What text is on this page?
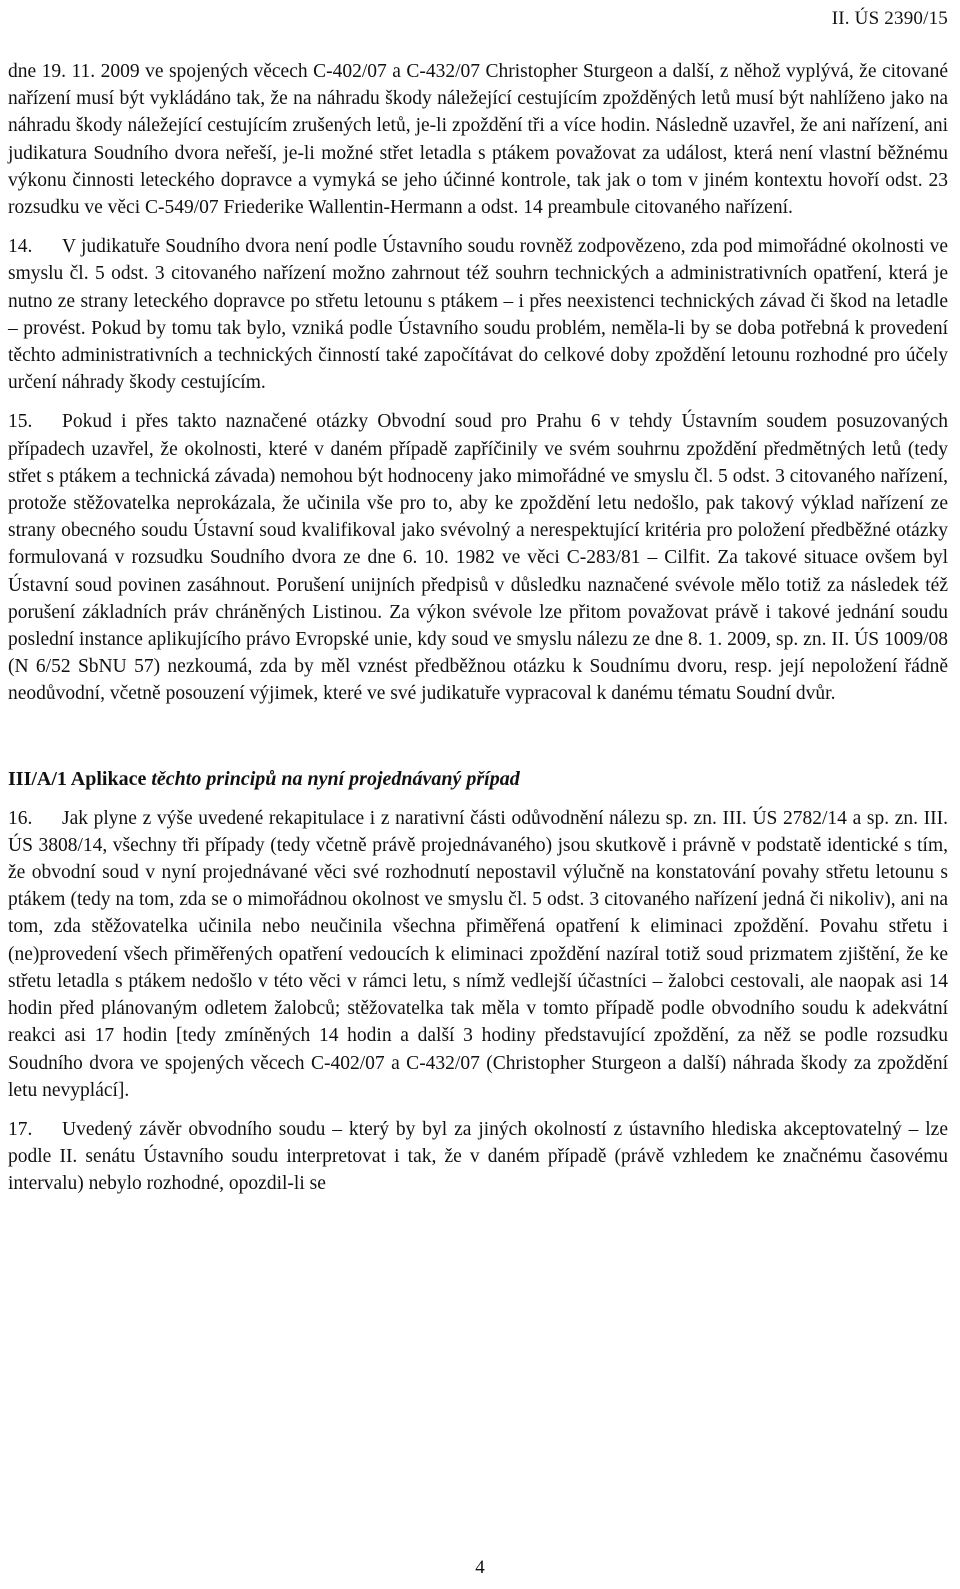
II. ÚS 2390/15

dne 19. 11. 2009 ve spojených věcech C-402/07 a C-432/07 Christopher Sturgeon a další, z něhož vyplývá, že citované nařízení musí být vykládáno tak, že na náhradu škody náležející cestujícím zpožděných letů musí být nahlíženo jako na náhradu škody náležející cestujícím zrušených letů, je-li zpoždění tři a více hodin. Následně uzavřel, že ani nařízení, ani judikatura Soudního dvora neřeší, je-li možné střet letadla s ptákem považovat za událost, která není vlastní běžnému výkonu činnosti leteckého dopravce a vymyká se jeho účinné kontrole, tak jak o tom v jiném kontextu hovoří odst. 23 rozsudku ve věci C-549/07 Friederike Wallentin-Hermann a odst. 14 preambule citovaného nařízení.

14. V judikatuře Soudního dvora není podle Ústavního soudu rovněž zodpovězeno, zda pod mimořádné okolnosti ve smyslu čl. 5 odst. 3 citovaného nařízení možno zahrnout též souhrn technických a administrativních opatření, která je nutno ze strany leteckého dopravce po střetu letounu s ptákem – i přes neexistenci technických závad či škod na letadle – provést. Pokud by tomu tak bylo, vzniká podle Ústavního soudu problém, neměla-li by se doba potřebná k provedení těchto administrativních a technických činností také započítávat do celkové doby zpoždění letounu rozhodné pro účely určení náhrady škody cestujícím.

15. Pokud i přes takto naznačené otázky Obvodní soud pro Prahu 6 v tehdy Ústavním soudem posuzovaných případech uzavřel, že okolnosti, které v daném případě zapříčinily ve svém souhrnu zpoždění předmětných letů (tedy střet s ptákem a technická závada) nemohou být hodnoceny jako mimořádné ve smyslu čl. 5 odst. 3 citovaného nařízení, protože stěžovatelka neprokázala, že učinila vše pro to, aby ke zpoždění letu nedošlo, pak takový výklad nařízení ze strany obecného soudu Ústavní soud kvalifikoval jako svévolný a nerespektující kritéria pro položení předběžné otázky formulovaná v rozsudku Soudního dvora ze dne 6. 10. 1982 ve věci C-283/81 – Cilfit. Za takové situace ovšem byl Ústavní soud povinen zasáhnout. Porušení unijních předpisů v důsledku naznačené svévole mělo totiž za následek též porušení základních práv chráněných Listinou. Za výkon svévole lze přitom považovat právě i takové jednání soudu poslední instance aplikujícího právo Evropské unie, kdy soud ve smyslu nálezu ze dne 8. 1. 2009, sp. zn. II. ÚS 1009/08 (N 6/52 SbNU 57) nezkoumá, zda by měl vznést předběžnou otázku k Soudnímu dvoru, resp. její nepoložení řádně neodůvodní, včetně posouzení výjimek, které ve své judikatuře vypracoval k danému tématu Soudní dvůr.

III/A/1 Aplikace těchto principů na nyní projednávaný případ

16. Jak plyne z výše uvedené rekapitulace i z narativní části odůvodnění nálezu sp. zn. III. ÚS 2782/14 a sp. zn. III. ÚS 3808/14, všechny tři případy (tedy včetně právě projednávaného) jsou skutkově i právně v podstatě identické s tím, že obvodní soud v nyní projednávané věci své rozhodnutí nepostavil výlučně na konstatování povahy střetu letounu s ptákem (tedy na tom, zda se o mimořádnou okolnost ve smyslu čl. 5 odst. 3 citovaného nařízení jedná či nikoliv), ani na tom, zda stěžovatelka učinila nebo neučinila všechna přiměřená opatření k eliminaci zpoždění. Povahu střetu i (ne)provedení všech přiměřených opatření vedoucích k eliminaci zpoždění nazíral totiž soud prizmatem zjištění, že ke střetu letadla s ptákem nedošlo v této věci v rámci letu, s nímž vedlejší účastníci – žalobci cestovali, ale naopak asi 14 hodin před plánovaným odletem žalobců; stěžovatelka tak měla v tomto případě podle obvodního soudu k adekvátní reakci asi 17 hodin [tedy zmíněných 14 hodin a další 3 hodiny představující zpoždění, za něž se podle rozsudku Soudního dvora ve spojených věcech C-402/07 a C-432/07 (Christopher Sturgeon a další) náhrada škody za zpoždění letu nevyplácí].

17. Uvedený závěr obvodního soudu – který by byl za jiných okolností z ústavního hlediska akceptovatelný – lze podle II. senátu Ústavního soudu interpretovat i tak, že v daném případě (právě vzhledem ke značnému časovému intervalu) nebylo rozhodné, opozdil-li se

4
